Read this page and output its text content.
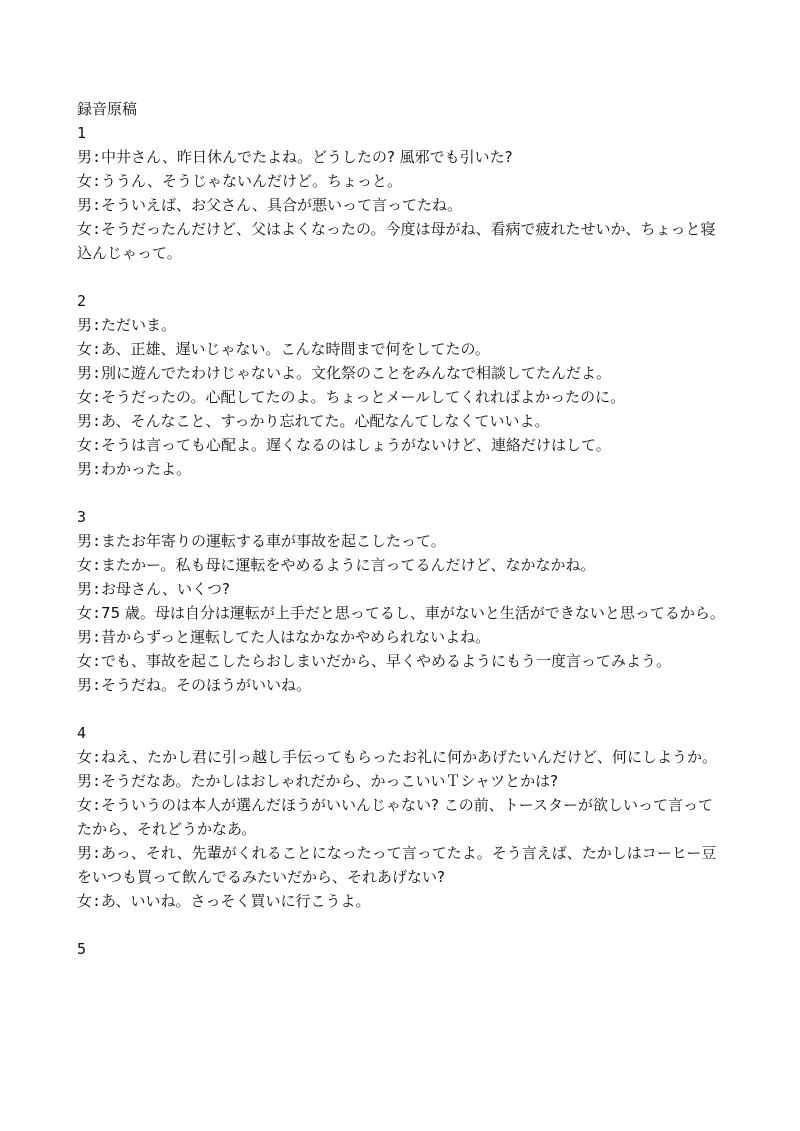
録音原稿

1

男:中井さん、昨日休んでたよね。どうしたの? 風邪でも引いた?

女:ううん、そうじゃないんだけど。ちょっと。

男:そういえば、お父さん、具合が悪いって言ってたね。

女:そうだったんだけど、父はよくなったの。今度は母がね、看病で疲れたせいか、ちょっと寝込んじゃって。

2

男:ただいま。

女:あ、正雄、遅いじゃない。こんな時間まで何をしてたの。

男:別に遊んでたわけじゃないよ。文化祭のことをみんなで相談してたんだよ。

女:そうだったの。心配してたのよ。ちょっとメールしてくれればよかったのに。

男:あ、そんなこと、すっかり忘れてた。心配なんてしなくていいよ。

女:そうは言っても心配よ。遅くなるのはしょうがないけど、連絡だけはして。

男:わかったよ。

3

男:またお年寄りの運転する車が事故を起こしたって。

女:またかー。私も母に運転をやめるように言ってるんだけど、なかなかね。

男:お母さん、いくつ?

女:75 歳。母は自分は運転が上手だと思ってるし、車がないと生活ができないと思ってるから。

男:昔からずっと運転してた人はなかなかやめられないよね。

女:でも、事故を起こしたらおしまいだから、早くやめるようにもう一度言ってみよう。

男:そうだね。そのほうがいいね。

4

女:ねえ、たかし君に引っ越し手伝ってもらったお礼に何かあげたいんだけど、何にしようか。

男:そうだなあ。たかしはおしゃれだから、かっこいいＴシャツとかは?

女:そういうのは本人が選んだほうがいいんじゃない? この前、トースターが欲しいって言ってたから、それどうかなあ。

男:あっ、それ、先輩がくれることになったって言ってたよ。そう言えば、たかしはコーヒー豆をいつも買って飲んでるみたいだから、それあげない?

女:あ、いいね。さっそく買いに行こうよ。

5
